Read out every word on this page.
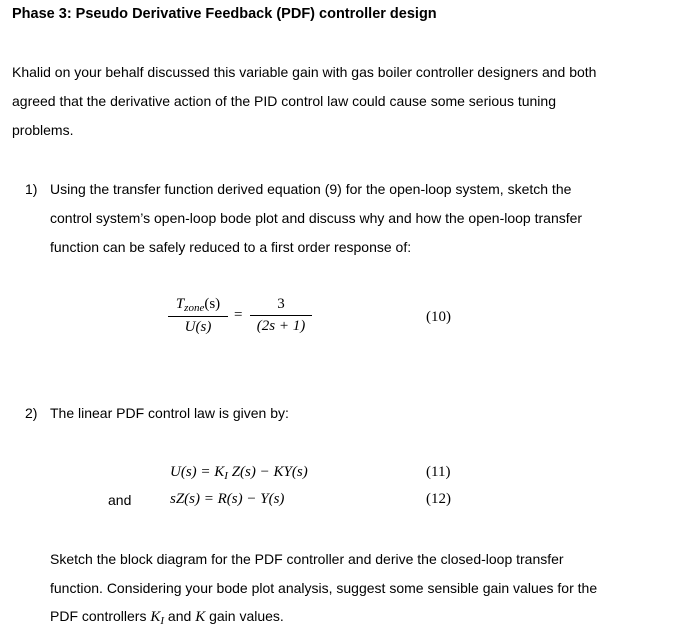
Phase 3: Pseudo Derivative Feedback (PDF) controller design
Khalid on your behalf discussed this variable gain with gas boiler controller designers and both
agreed that the derivative action of the PID control law could cause some serious tuning
problems.
1) Using the transfer function derived equation (9) for the open-loop system, sketch the
control system’s open-loop bode plot and discuss why and how the open-loop transfer
function can be safely reduced to a first order response of:
$T_{zone}(s)$
U(s)
=
3
(2s + 1)
(10)
2) The linear PDF control law is given by:
$U(s) = K_I$ Z(s) − KY(s)	(11)
and	sZ(s) = R(s) − Y(s)	(12)
Sketch the block diagram for the PDF controller and derive the closed-loop transfer
function. Considering your bode plot analysis, suggest some sensible gain values for the
PDF controllers $K_I$ and K gain values.
